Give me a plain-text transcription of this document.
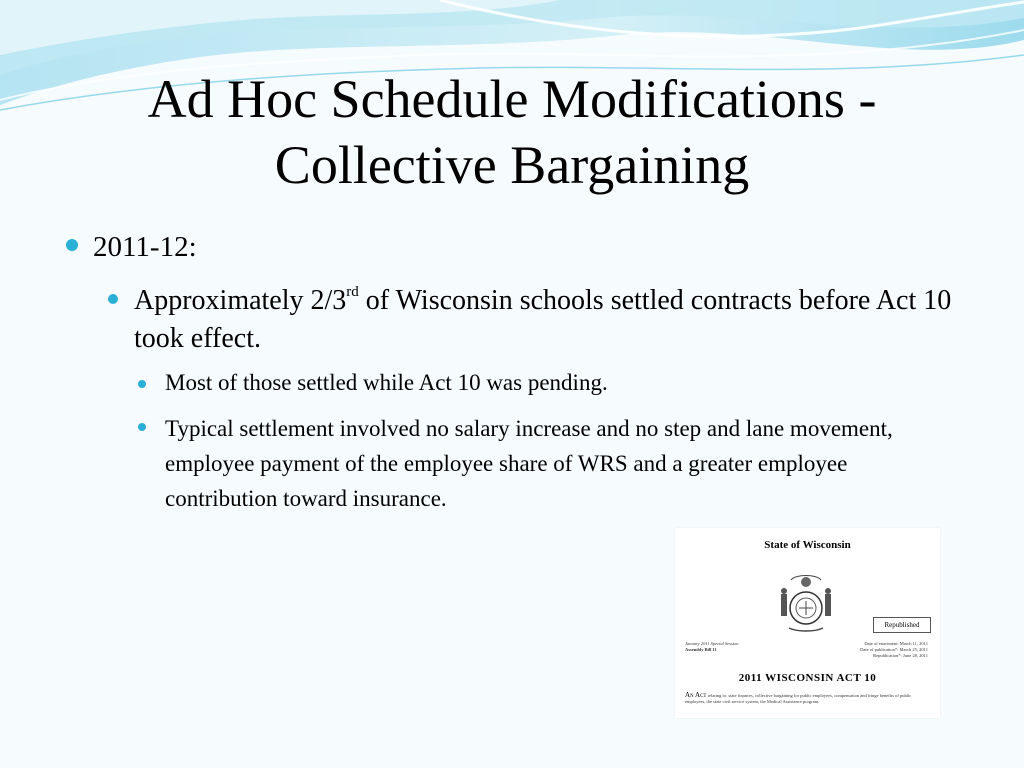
Ad Hoc Schedule Modifications - Collective Bargaining
2011-12:
Approximately 2/3rd of Wisconsin schools settled contracts before Act 10 took effect.
Most of those settled while Act 10 was pending.
Typical settlement involved no salary increase and no step and lane movement, employee payment of the employee share of WRS and a greater employee contribution toward insurance.
State of Wisconsin
Republished
January 2011 Special Session
Assembly Bill 11
Date of enactment: March 11, 2011
Date of publication*: March 25, 2011
Republication*: June 28, 2011
2011 WISCONSIN ACT 10
An Act relating to: state finances, collective bargaining for public employees, compensation and fringe benefits of public employees, the state civil service system, the Medical Assistance program.
